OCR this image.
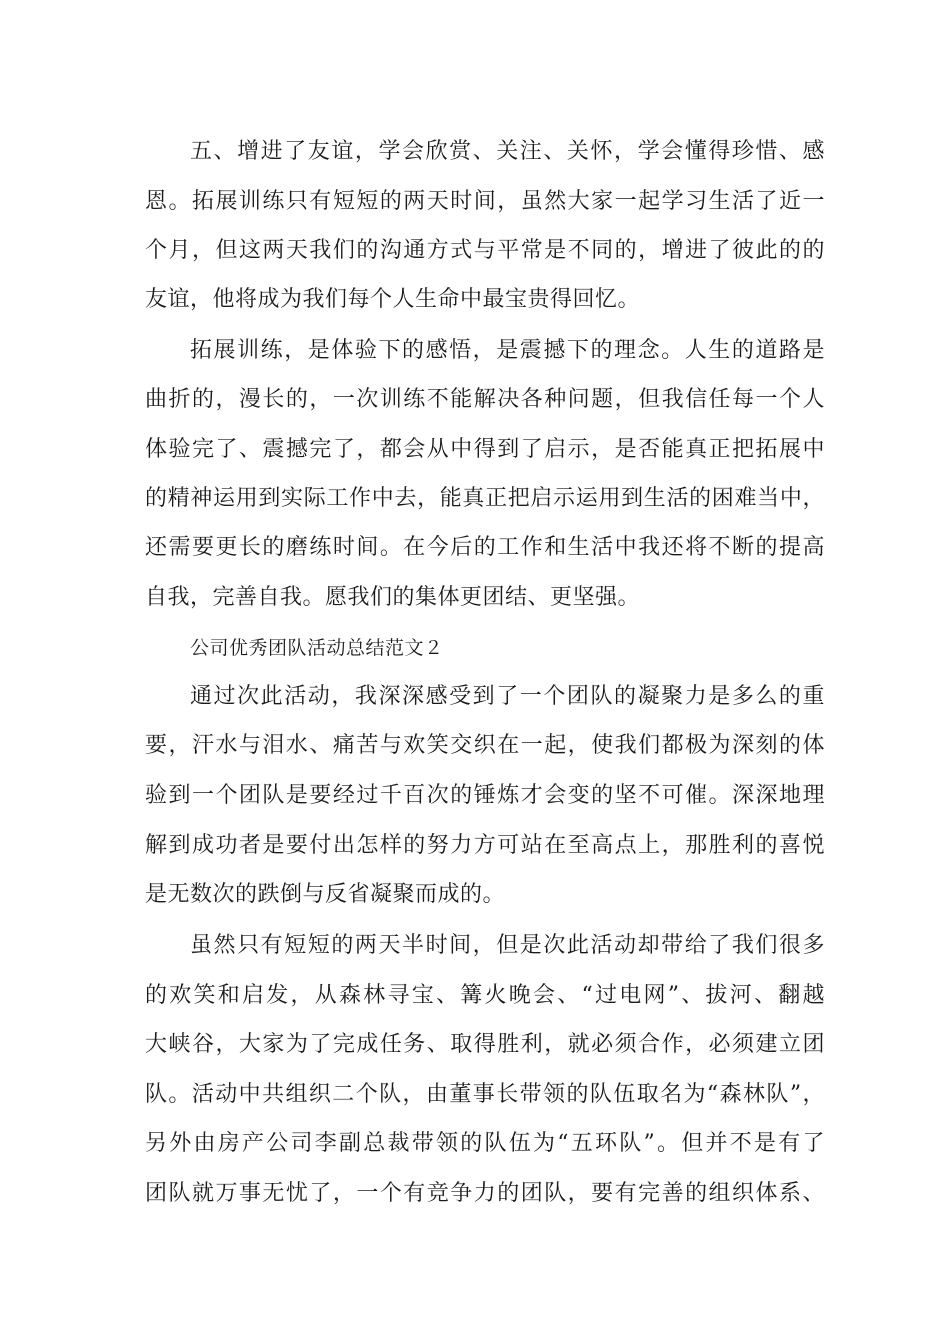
五、增进了友谊，学会欣赏、关注、关怀，学会懂得珍惜、感
恩。拓展训练只有短短的两天时间，虽然大家一起学习生活了近一
个月，但这两天我们的沟通方式与平常是不同的，增进了彼此的的
友谊，他将成为我们每个人生命中最宝贵得回忆。
拓展训练，是体验下的感悟，是震撼下的理念。人生的道路是
曲折的，漫长的，一次训练不能解决各种问题，但我信任每一个人
体验完了、震撼完了，都会从中得到了启示，是否能真正把拓展中
的精神运用到实际工作中去，能真正把启示运用到生活的困难当中，
还需要更长的磨练时间。在今后的工作和生活中我还将不断的提高
自我，完善自我。愿我们的集体更团结、更坚强。
公司优秀团队活动总结范文２
通过次此活动，我深深感受到了一个团队的凝聚力是多么的重
要，汗水与泪水、痛苦与欢笑交织在一起，使我们都极为深刻的体
验到一个团队是要经过千百次的锤炼才会变的坚不可催。深深地理
解到成功者是要付出怎样的努力方可站在至高点上，那胜利的喜悦
是无数次的跌倒与反省凝聚而成的。
虽然只有短短的两天半时间，但是次此活动却带给了我们很多
的欢笑和启发，从森林寻宝、篝火晚会、“过电网”、拔河、翻越
大峡谷，大家为了完成任务、取得胜利，就必须合作，必须建立团
队。活动中共组织二个队，由董事长带领的队伍取名为“森林队”，
另外由房产公司李副总裁带领的队伍为“五环队”。但并不是有了
团队就万事无忧了，一个有竞争力的团队，要有完善的组织体系、
